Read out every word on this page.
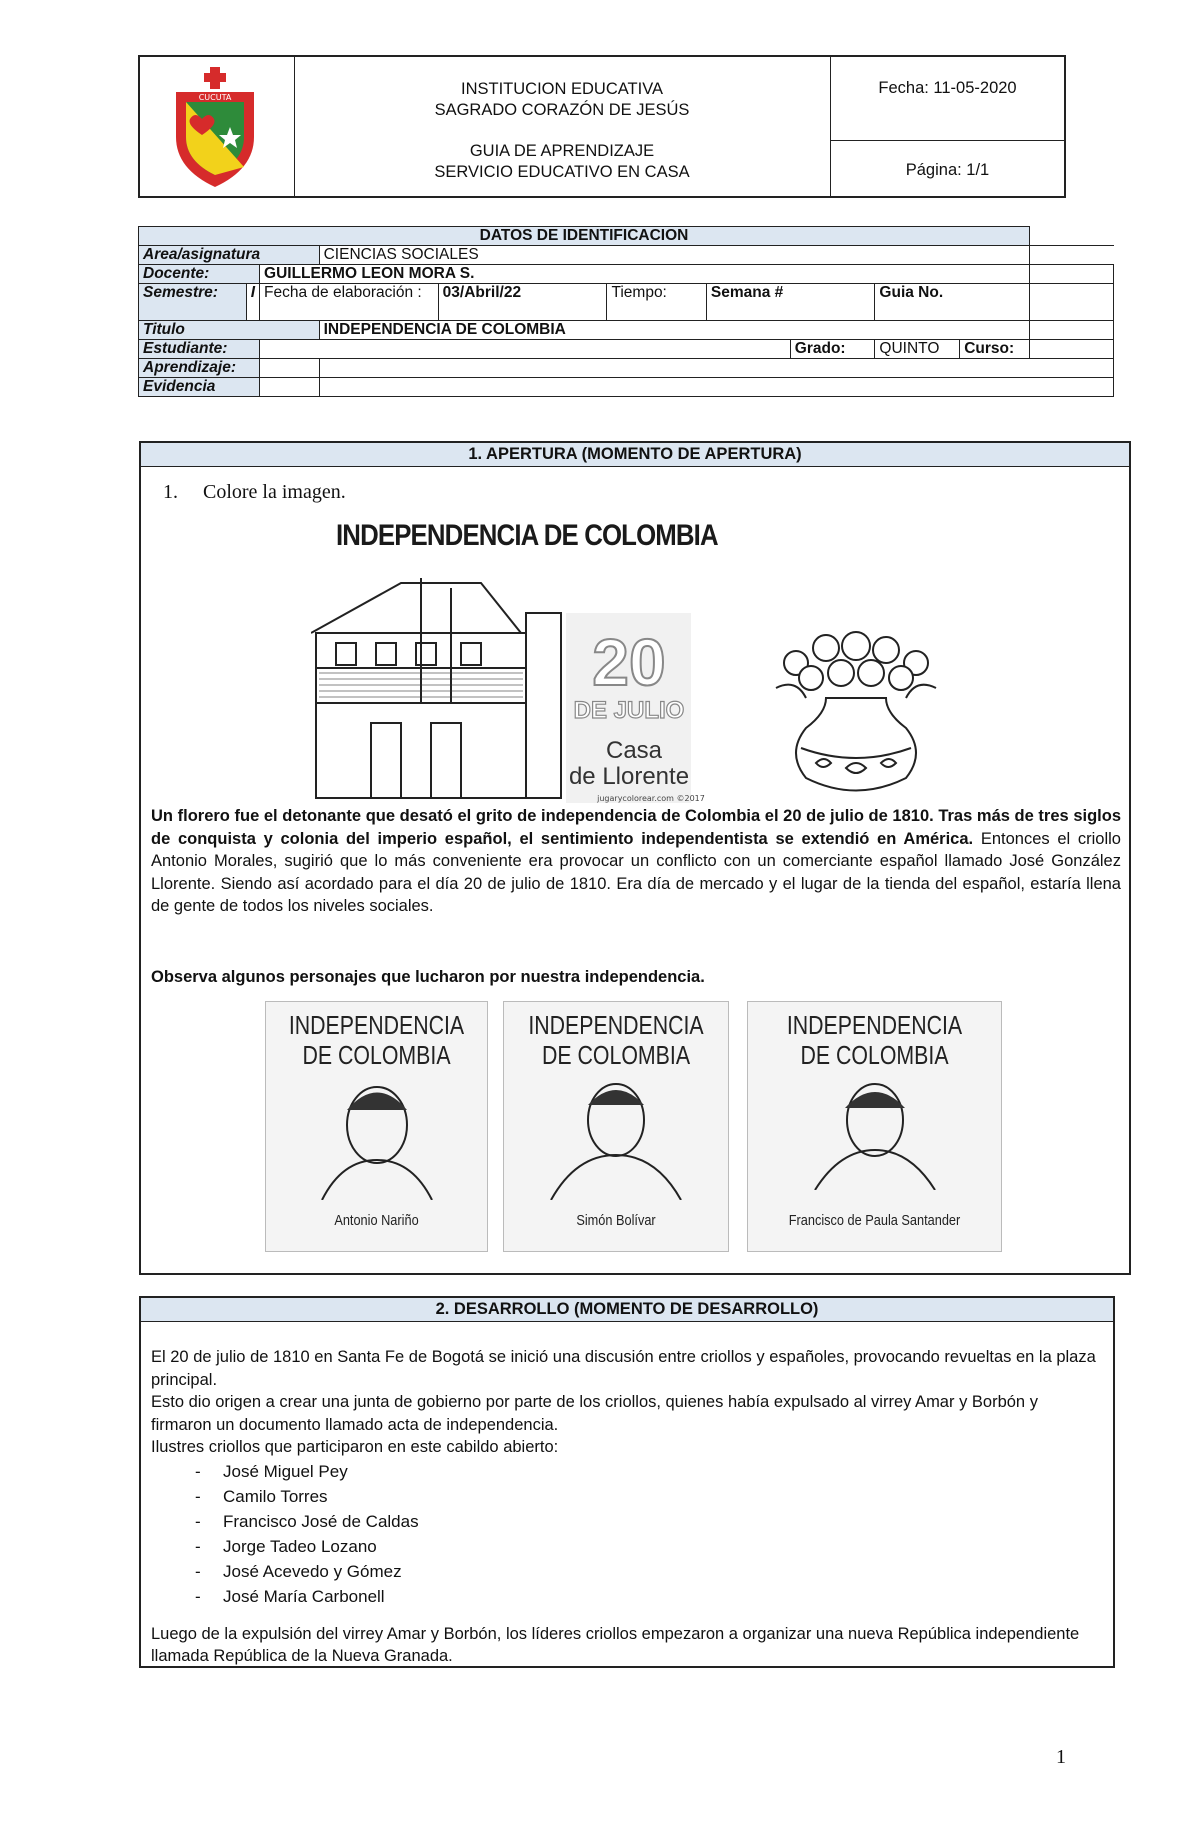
CUCUTA	INSTITUCION EDUCATIVA
SAGRADO CORAZÓN DE JESÚS
GUIA DE APRENDIZAJE
SERVICIO EDUCATIVO EN CASA
Fecha: 11-05-2020
Página: 1/1
DATOS DE IDENTIFICACION										
Area/asignatura			CIENCIAS SOCIALES							
Docente:		GUILLERMO LEON MORA S.								
Semestre:	I	Fecha de elaboración :		03/Abril/22	Tiempo:	Semana #		Guia No.		
Titulo			INDEPENDENCIA DE COLOMBIA							
Estudiante:							Grado:	QUINTO	Curso:	
Aprendizaje:										
Evidencia										
1. APERTURA (MOMENTO DE APERTURA)
1. Colore la imagen.
INDEPENDENCIA DE COLOMBIA
20
DE JULIO
Casa
de Llorente
jugarycolorear.com ©2017
Un florero fue el detonante que desató el grito de independencia de Colombia el 20 de julio de 1810. Tras más de tres siglos de conquista y colonia del imperio español, el sentimiento independentista se extendió en América. Entonces el criollo Antonio Morales, sugirió que lo más conveniente era provocar un conflicto con un comerciante español llamado José González Llorente. Siendo así acordado para el día 20 de julio de 1810. Era día de mercado y el lugar de la tienda del español, estaría llena de gente de todos los niveles sociales.
Observa algunos personajes que lucharon por nuestra independencia.
INDEPENDENCIA
DE COLOMBIA
Antonio Nariño
INDEPENDENCIA
DE COLOMBIA
Simón Bolívar
INDEPENDENCIA
DE COLOMBIA
Francisco de Paula Santander
2. DESARROLLO (MOMENTO DE DESARROLLO)
El 20 de julio de 1810 en Santa Fe de Bogotá se inició una discusión entre criollos y españoles, provocando revueltas en la plaza principal.
Esto dio origen a crear una junta de gobierno por parte de los criollos, quienes había expulsado al virrey Amar y Borbón y firmaron un documento llamado acta de independencia.
Ilustres criollos que participaron en este cabildo abierto:
- José Miguel Pey
- Camilo Torres
- Francisco José de Caldas
- Jorge Tadeo Lozano
- José Acevedo y Gómez
- José María Carbonell
Luego de la expulsión del virrey Amar y Borbón, los líderes criollos empezaron a organizar una nueva República independiente llamada República de la Nueva Granada.
1
